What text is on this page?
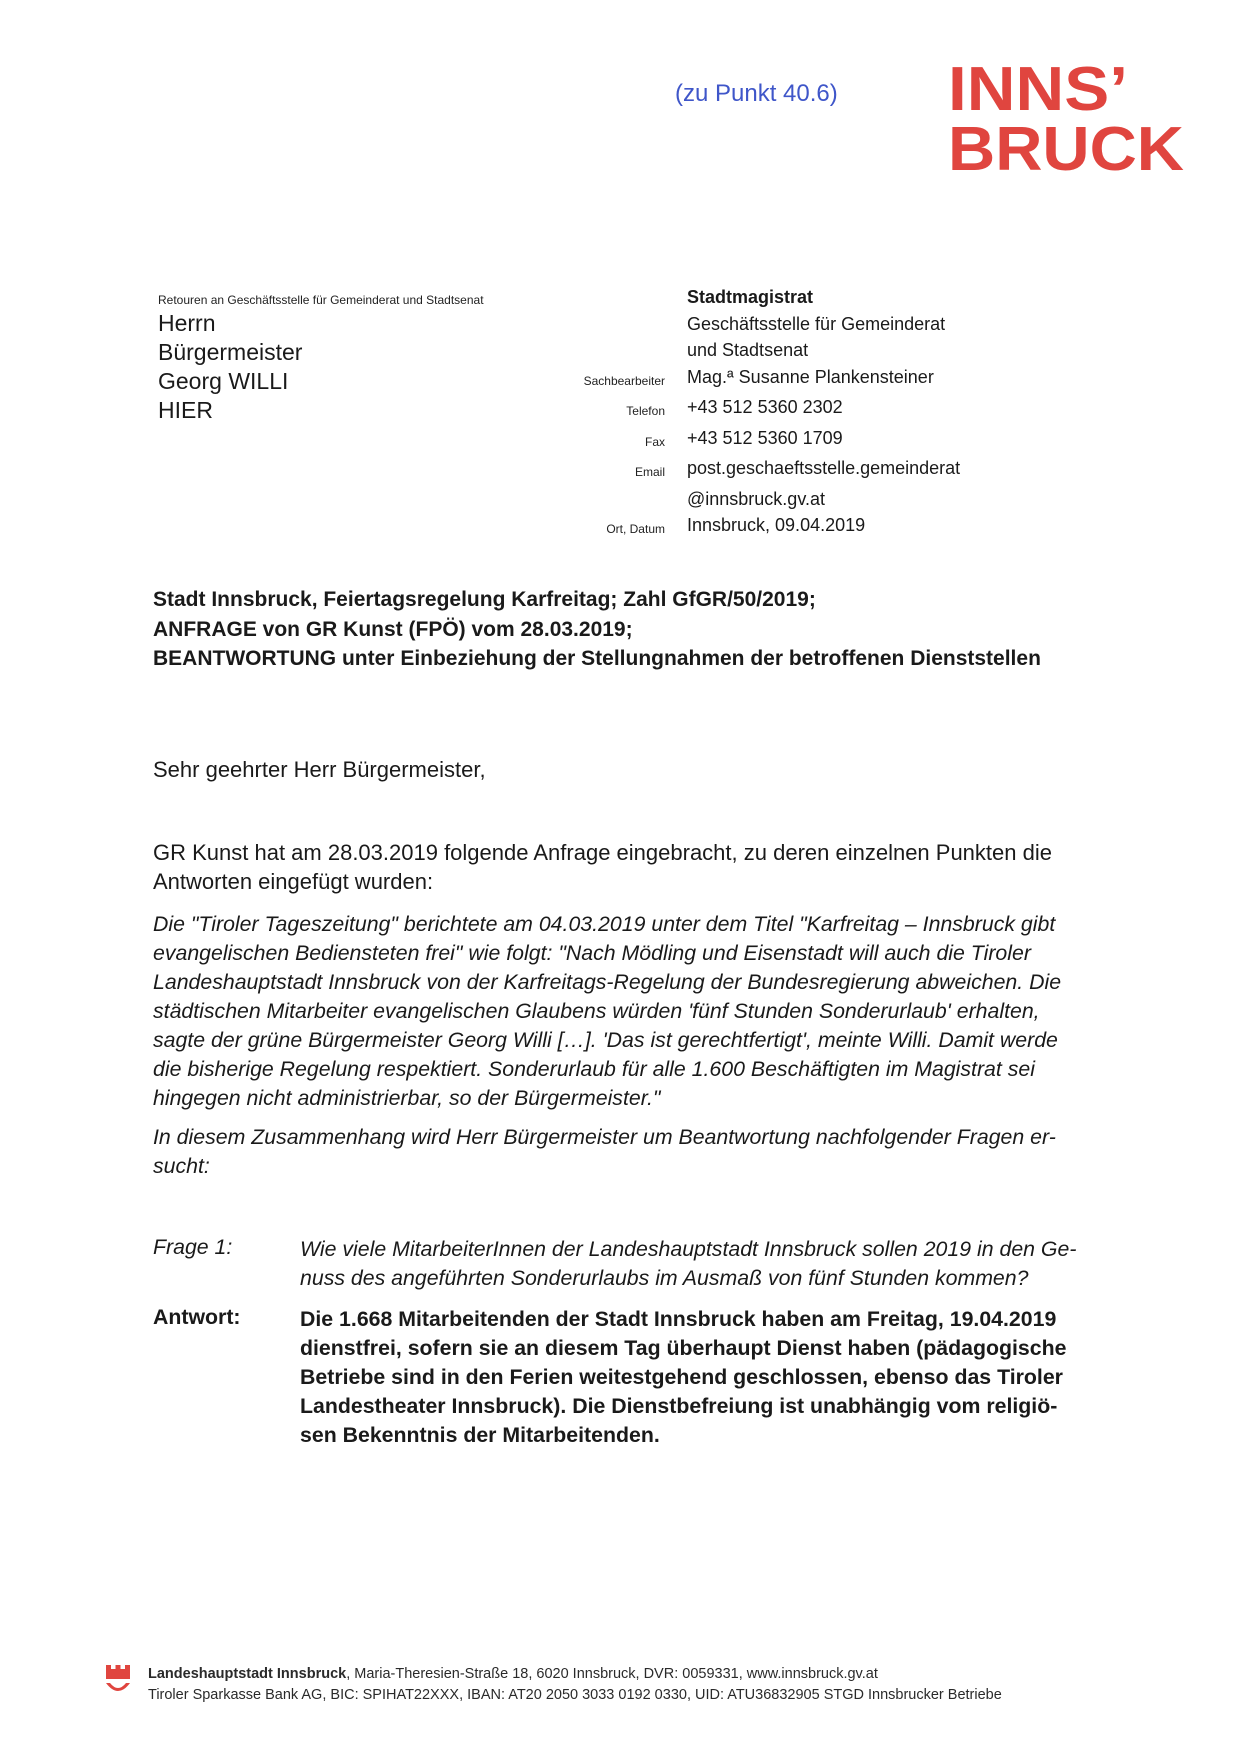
(zu Punkt 40.6) INNS’
BRUCK
Retouren an Geschäftsstelle für Gemeinderat und Stadtsenat
Herrn
Bürgermeister
Georg WILLI
HIER
Stadtmagistrat
Geschäftsstelle für Gemeinderat
und Stadtsenat
Sachbearbeiter	Mag.ª Susanne Plankensteiner
Telefon	+43 512 5360 2302
Fax	+43 512 5360 1709
Email	post.geschaeftsstelle.gemeinderat
@innsbruck.gv.at
Ort, Datum	Innsbruck, 09.04.2019
Stadt Innsbruck, Feiertagsregelung Karfreitag; Zahl GfGR/50/2019;
ANFRAGE von GR Kunst (FPÖ) vom 28.03.2019;
BEANTWORTUNG unter Einbeziehung der Stellungnahmen der betroffenen Dienststellen
Sehr geehrter Herr Bürgermeister,
GR Kunst hat am 28.03.2019 folgende Anfrage eingebracht, zu deren einzelnen Punkten die Antworten eingefügt wurden:
Die "Tiroler Tageszeitung" berichtete am 04.03.2019 unter dem Titel "Karfreitag – Innsbruck gibt
evangelischen Bediensteten frei" wie folgt: "Nach Mödling und Eisenstadt will auch die Tiroler
Landeshauptstadt Innsbruck von der Karfreitags-Regelung der Bundesregierung abweichen. Die
städtischen Mitarbeiter evangelischen Glaubens würden 'fünf Stunden Sonderurlaub' erhalten,
sagte der grüne Bürgermeister Georg Willi […]. 'Das ist gerechtfertigt', meinte Willi. Damit werde
die bisherige Regelung respektiert. Sonderurlaub für alle 1.600 Beschäftigten im Magistrat sei
hingegen nicht administrierbar, so der Bürgermeister."
In diesem Zusammenhang wird Herr Bürgermeister um Beantwortung nachfolgender Fragen er-
sucht:
Frage 1:	Wie viele MitarbeiterInnen der Landeshauptstadt Innsbruck sollen 2019 in den Ge-
nuss des angeführten Sonderurlaubs im Ausmaß von fünf Stunden kommen?
Antwort:	Die 1.668 Mitarbeitenden der Stadt Innsbruck haben am Freitag, 19.04.2019
dienstfrei, sofern sie an diesem Tag überhaupt Dienst haben (pädagogische
Betriebe sind in den Ferien weitestgehend geschlossen, ebenso das Tiroler
Landestheater Innsbruck). Die Dienstbefreiung ist unabhängig vom religiö-
sen Bekenntnis der Mitarbeitenden.
Landeshauptstadt Innsbruck, Maria-Theresien-Straße 18, 6020 Innsbruck, DVR: 0059331, www.innsbruck.gv.at
Tiroler Sparkasse Bank AG, BIC: SPIHAT22XXX, IBAN: AT20 2050 3033 0192 0330, UID: ATU36832905 STGD Innsbrucker Betriebe
